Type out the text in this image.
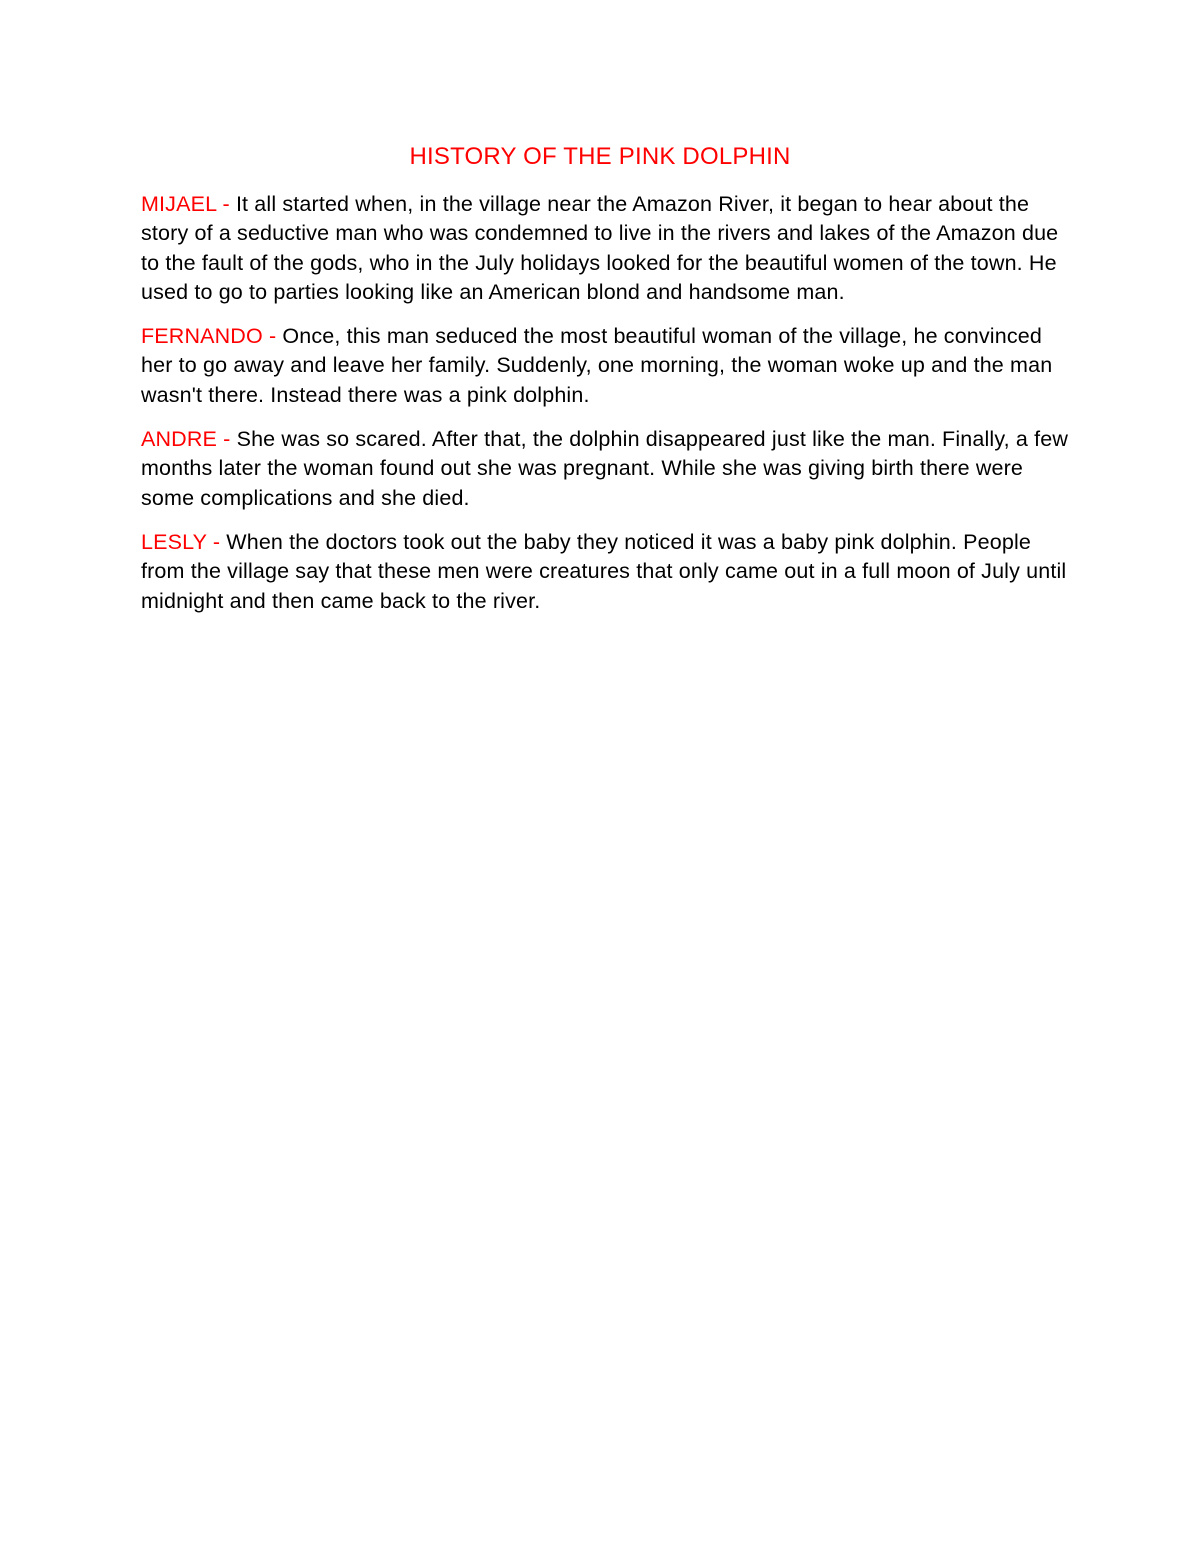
HISTORY OF THE PINK DOLPHIN

MIJAEL - It all started when, in the village near the Amazon River, it began to hear about the story of a seductive man who was condemned to live in the rivers and lakes of the Amazon due to the fault of the gods, who in the July holidays looked for the beautiful women of the town. He used to go to parties looking like an American blond and handsome man.

FERNANDO - Once, this man seduced the most beautiful woman of the village, he convinced her to go away and leave her family. Suddenly, one morning, the woman woke up and the man wasn't there. Instead there was a pink dolphin.

ANDRE - She was so scared. After that, the dolphin disappeared just like the man. Finally, a few months later the woman found out she was pregnant. While she was giving birth there were some complications and she died.

LESLY - When the doctors took out the baby they noticed it was a baby pink dolphin. People from the village say that these men were creatures that only came out in a full moon of July until midnight and then came back to the river.
